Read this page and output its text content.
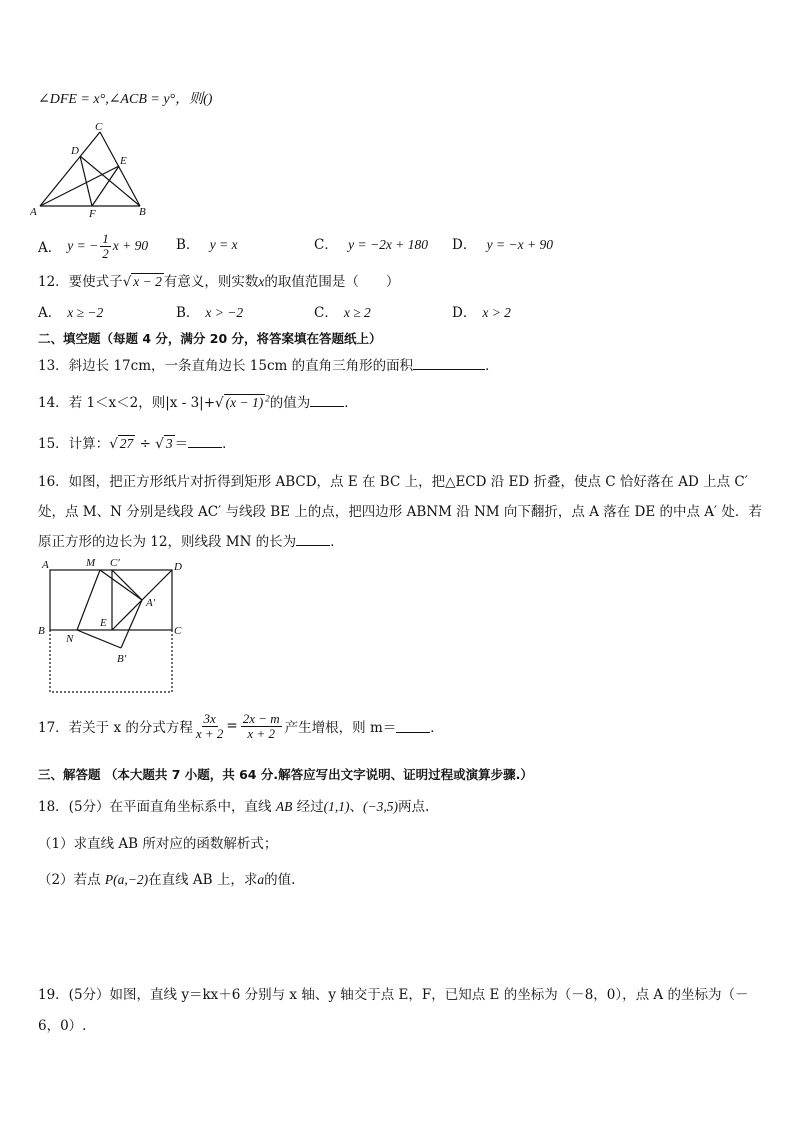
∠DFE = x°,∠ACB = y°，则()
A	B
C
D
E
F
A． y = − $\frac{1}{2}$ x + 90 B． y = x	C． y = −2x + 180 D． y = −x + 90
12．要使式子√ x − 2 有意义，则实数x的取值范围是（　　）
A． x ≥ −2	B． x > −2	C． x ≥ 2	D． x > 2
二、填空题（每题 4 分，满分 20 分，将答案填在答题纸上）
13．斜边长 17cm，一条直角边长 15cm 的直角三角形的面积	．
14．若 1＜x＜2，则|x - 3|+√ (x − 1) $^2$的值为	．
15．计算：√ 27 ÷ √ 3 ＝	．
16．如图，把正方形纸片对折得到矩形 ABCD，点 E 在 BC 上，把△ECD 沿 ED 折叠，使点 C 恰好落在 AD 上点 C′
处，点 M、N 分别是线段 AC′ 与线段 BE 上的点，把四边形 ABNM 沿 NM 向下翻折，点 A 落在 DE 的中点 A′ 处．若
原正方形的边长为 12，则线段 MN 的长为	．
A	M C′	D
A′
E
B
N
C
B′
17．若关于 x 的分式方程 $\frac{3x}{x + 2} = \frac{2x - m}{x + 2}$ 产生增根，则 m＝	．
三、解答题 （本大题共 7 小题，共 64 分.解答应写出文字说明、证明过程或演算步骤.）
18．(5分）在平面直角坐标系中，直线 AB 经过(1,1)、(−3,5)两点.
（1）求直线 AB 所对应的函数解析式；
（2）若点 P(a,−2)在直线 AB 上，求a的值.
19．(5分）如图，直线 y＝kx＋6 分别与 x 轴、y 轴交于点 E，F，已知点 E 的坐标为（－8，0），点 A 的坐标为（－
6，0）.
